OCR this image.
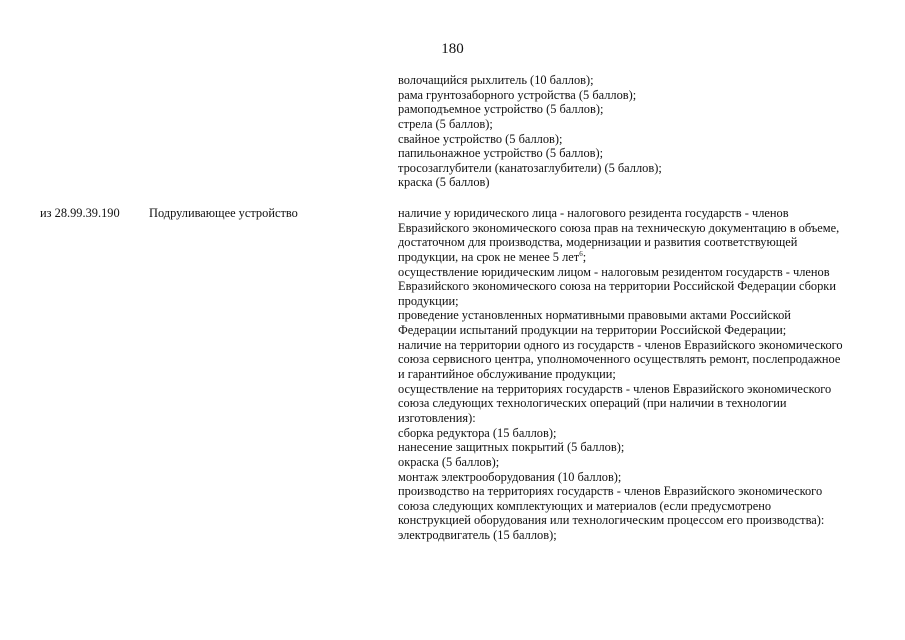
180
волочащийся рыхлитель (10 баллов);
рама грунтозаборного устройства (5 баллов);
рамоподъемное устройство (5 баллов);
стрела (5 баллов);
свайное устройство (5 баллов);
папильонажное устройство (5 баллов);
тросозаглубители (канатозаглубители) (5 баллов);
краска (5 баллов)
из 28.99.39.190 Подруливающее устройство	наличие у юридического лица - налогового резидента государств - членов
Евразийского экономического союза прав на техническую документацию в объеме,
достаточном для производства, модернизации и развития соответствующей
продукции, на срок не менее 5 лет$^6$;
осуществление юридическим лицом - налоговым резидентом государств - членов
Евразийского экономического союза на территории Российской Федерации сборки
продукции;
проведение установленных нормативными правовыми актами Российской
Федерации испытаний продукции на территории Российской Федерации;
наличие на территории одного из государств - членов Евразийского экономического
союза сервисного центра, уполномоченного осуществлять ремонт, послепродажное
и гарантийное обслуживание продукции;
осуществление на территориях государств - членов Евразийского экономического
союза следующих технологических операций (при наличии в технологии
изготовления):
сборка редуктора (15 баллов);
нанесение защитных покрытий (5 баллов);
окраска (5 баллов);
монтаж электрооборудования (10 баллов);
производство на территориях государств - членов Евразийского экономического
союза следующих комплектующих и материалов (если предусмотрено
конструкцией оборудования или технологическим процессом его производства):
электродвигатель (15 баллов);
